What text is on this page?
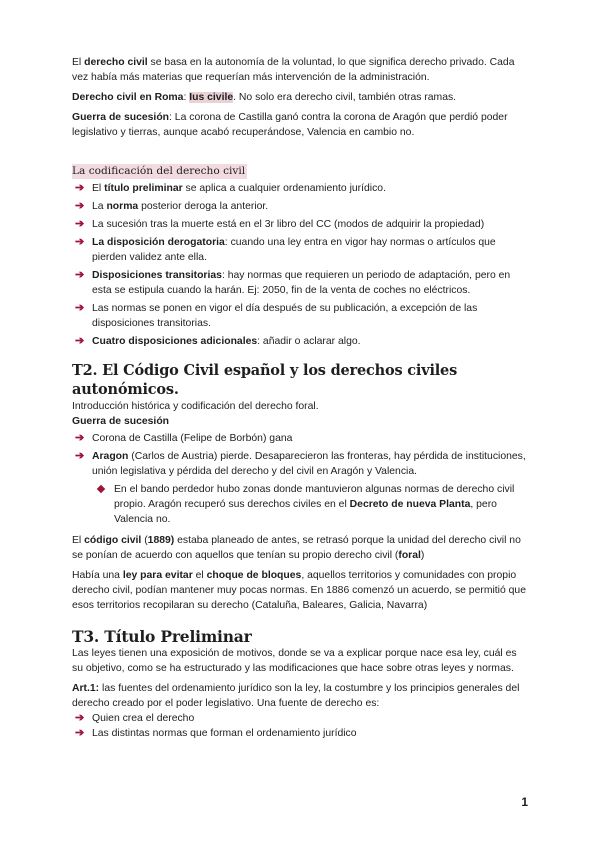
El derecho civil se basa en la autonomía de la voluntad, lo que significa derecho privado. Cada vez había más materias que requerían más intervención de la administración.

Derecho civil en Roma: Ius civile. No solo era derecho civil, también otras ramas.

Guerra de sucesión: La corona de Castilla ganó contra la corona de Aragón que perdió poder legislativo y tierras, aunque acabó recuperándose, Valencia en cambio no.

La codificación del derecho civil
➔ El título preliminar se aplica a cualquier ordenamiento jurídico.
➔ La norma posterior deroga la anterior.
➔ La sucesión tras la muerte está en el 3r libro del CC (modos de adquirir la propiedad)
➔ La disposición derogatoria: cuando una ley entra en vigor hay normas o artículos que pierden validez ante ella.
➔ Disposiciones transitorias: hay normas que requieren un periodo de adaptación, pero en esta se estipula cuando la harán. Ej: 2050, fin de la venta de coches no eléctricos.
➔ Las normas se ponen en vigor el día después de su publicación, a excepción de las disposiciones transitorias.
➔ Cuatro disposiciones adicionales: añadir o aclarar algo.
T2. El Código Civil español y los derechos civiles autonómicos.

Introducción histórica y codificación del derecho foral.

Guerra de sucesión

➔ Corona de Castilla (Felipe de Borbón) gana
➔ Aragon (Carlos de Austria) pierde. Desaparecieron las fronteras, hay pérdida de instituciones, unión legislativa y pérdida del derecho y del civil en Aragón y Valencia.
En el bando perdedor hubo zonas donde mantuvieron algunas normas de derecho civil propio. Aragón recuperó sus derechos civiles en el Decreto de nueva Planta, pero Valencia no.

El código civil (1889) estaba planeado de antes, se retrasó porque la unidad del derecho civil no se ponían de acuerdo con aquellos que tenían su propio derecho civil (foral)

Había una ley para evitar el choque de bloques, aquellos territorios y comunidades con propio derecho civil, podían mantener muy pocas normas. En 1886 comenzó un acuerdo, se permitió que esos territorios recopilaran su derecho (Cataluña, Baleares, Galicia, Navarra)

T3. Título Preliminar

Las leyes tienen una exposición de motivos, donde se va a explicar porque nace esa ley, cuál es su objetivo, como se ha estructurado y las modificaciones que hace sobre otras leyes y normas.

Art.1: las fuentes del ordenamiento jurídico son la ley, la costumbre y los principios generales del derecho creado por el poder legislativo. Una fuente de derecho es:

➔ Quien crea el derecho
➔ Las distintas normas que forman el ordenamiento jurídico
1
